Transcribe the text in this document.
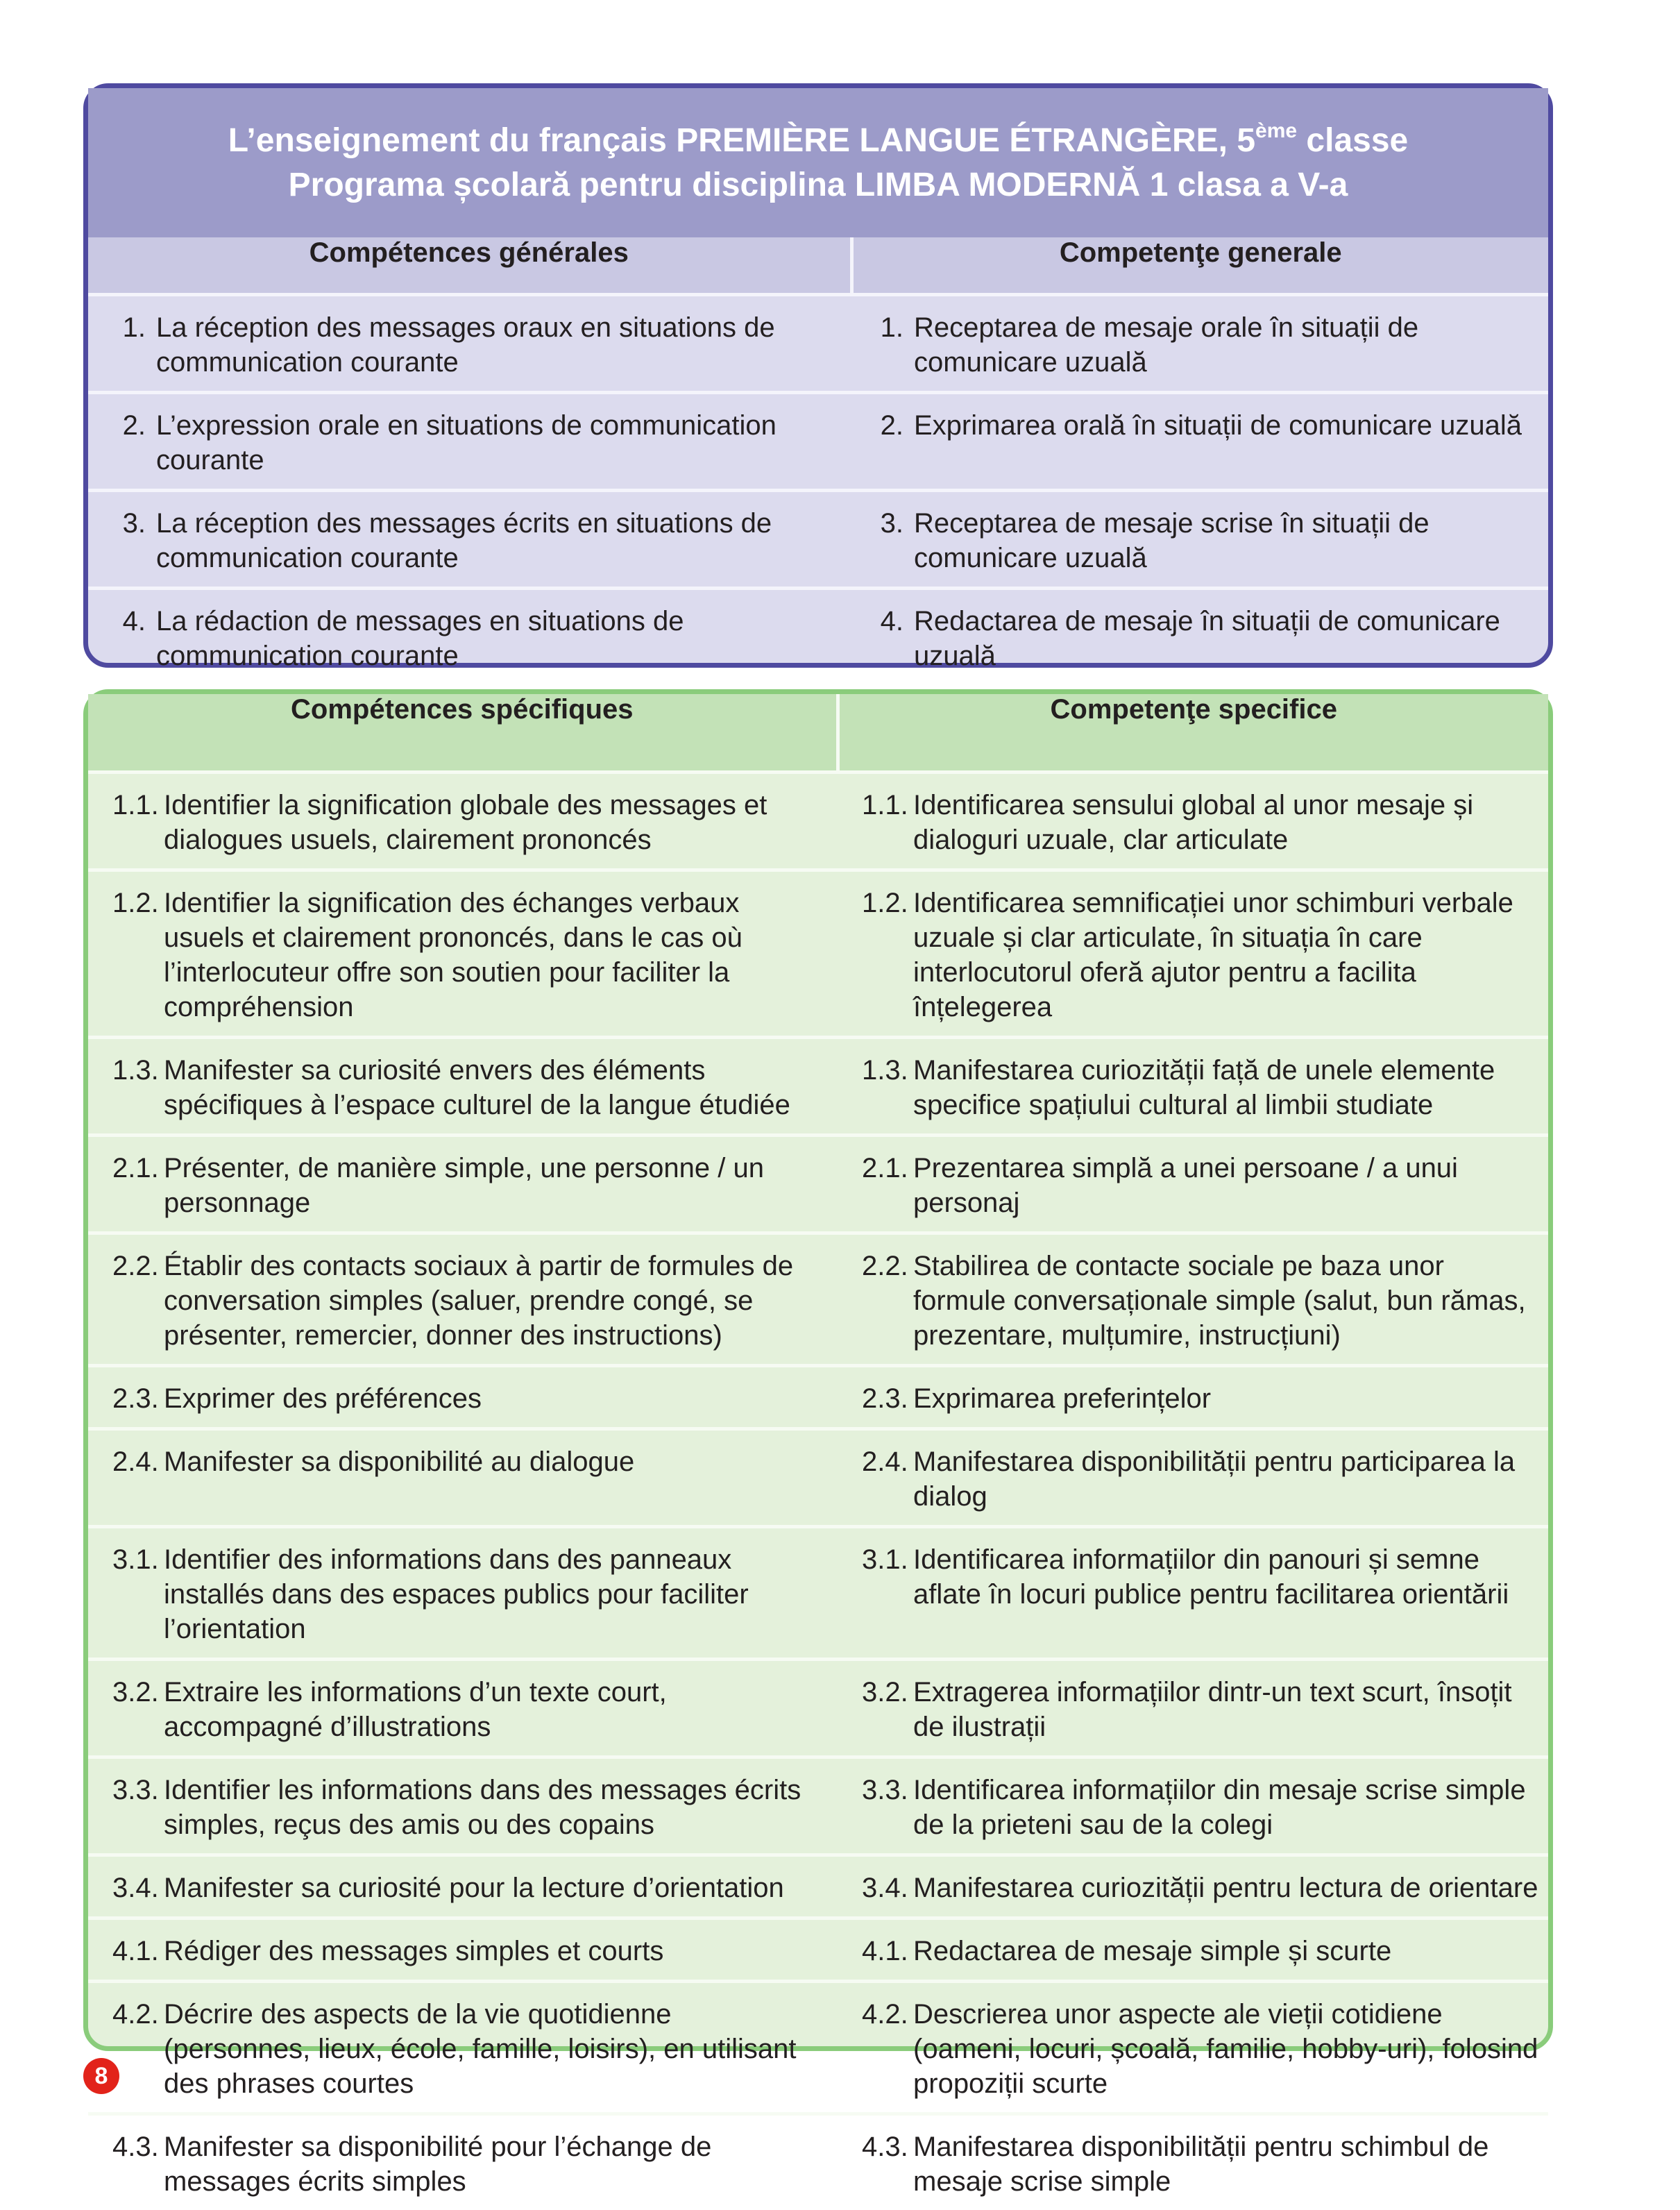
L’enseignement du français PREMIÈRE LANGUE ÉTRANGÈRE, 5ème classe
Programa școlară pentru disciplina LIMBA MODERNĂ 1 clasa a V-a
Compétences générales	Competenţe generale

1. La réception des messages oraux en situations de communication courante	1. Receptarea de mesaje orale în situații de comunicare uzuală

2. L’expression orale en situations de communication courante	2. Exprimarea orală în situații de comunicare uzuală

3. La réception des messages écrits en situations de communication courante	3. Receptarea de mesaje scrise în situații de comunicare uzuală

4. La rédaction de messages en situations de communication courante	4. Redactarea de mesaje în situații de comunicare uzuală
Compétences spécifiques	Competenţe specifice

1.1. Identifier la signification globale des messages et dialogues usuels, clairement prononcés	1.1. Identificarea sensului global al unor mesaje și dialoguri uzuale, clar articulate

1.2. Identifier la signification des échanges verbaux usuels et clairement prononcés, dans le cas où l’interlocuteur offre son soutien pour faciliter la compréhension	1.2. Identificarea semnificației unor schimburi verbale uzuale și clar articulate, în situația în care interlocutorul oferă ajutor pentru a facilita înțelegerea

1.3. Manifester sa curiosité envers des éléments spécifiques à l’espace culturel de la langue étudiée	1.3. Manifestarea curiozității față de unele elemente specifice spațiului cultural al limbii studiate

2.1. Présenter, de manière simple, une personne / un personnage	2.1. Prezentarea simplă a unei persoane / a unui personaj

2.2. Établir des contacts sociaux à partir de formules de conversation simples (saluer, prendre congé, se présenter, remercier, donner des instructions)	2.2. Stabilirea de contacte sociale pe baza unor formule conversaționale simple (salut, bun rămas, prezentare, mulțumire, instrucțiuni)

2.3. Exprimer des préférences	2.3. Exprimarea preferințelor

2.4. Manifester sa disponibilité au dialogue	2.4. Manifestarea disponibilității pentru participarea la dialog

3.1. Identifier des informations dans des panneaux installés dans des espaces publics pour faciliter l’orientation	3.1. Identificarea informațiilor din panouri și semne aflate în locuri publice pentru facilitarea orientării

3.2. Extraire les informations d’un texte court, accompagné d’illustrations	3.2. Extragerea informațiilor dintr-un text scurt, însoțit de ilustrații

3.3. Identifier les informations dans des messages écrits simples, reçus des amis ou des copains	3.3. Identificarea informațiilor din mesaje scrise simple de la prieteni sau de la colegi

3.4. Manifester sa curiosité pour la lecture d’orientation	3.4. Manifestarea curiozității pentru lectura de orientare

4.1. Rédiger des messages simples et courts	4.1. Redactarea de mesaje simple și scurte

4.2. Décrire des aspects de la vie quotidienne (personnes, lieux, école, famille, loisirs), en utilisant des phrases courtes	4.2. Descrierea unor aspecte ale vieții cotidiene (oameni, locuri, școală, familie, hobby-uri), folosind propoziții scurte

4.3. Manifester sa disponibilité pour l’échange de messages écrits simples	4.3. Manifestarea disponibilității pentru schimbul de mesaje scrise simple
8
